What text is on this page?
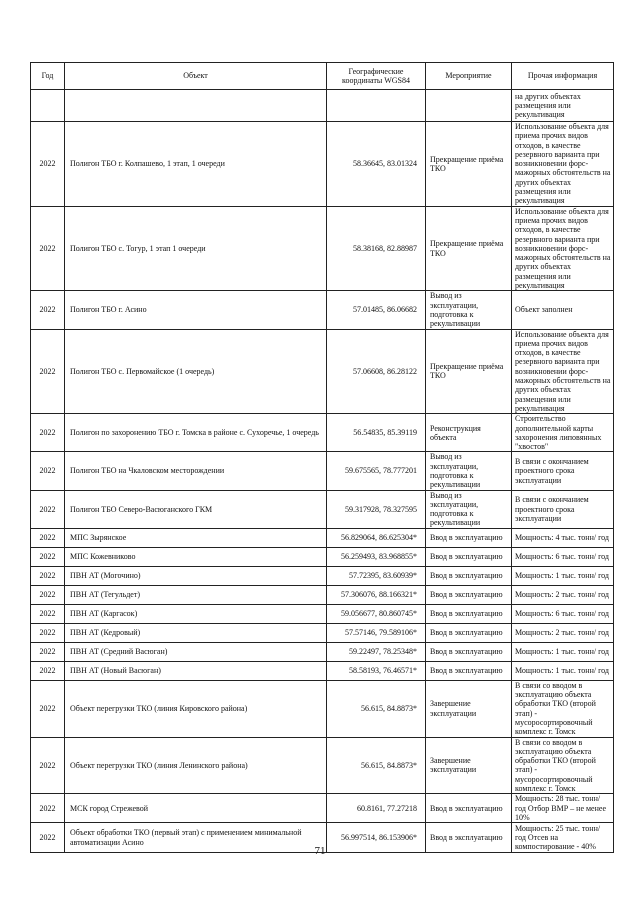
Год	Объект	Географические координаты WGS84	Мероприятие	Прочая информация
				на других объектах размещения или рекультивация
2022	Полигон ТБО г. Колпашево, 1 этап, 1 очереди	58.36645, 83.01324	Прекращение приёма ТКО	Использование объекта для приема прочих видов отходов, в качестве резервного варианта при возникновении форс-мажорных обстоятельств на других объектах размещения или рекультивация
2022	Полигон ТБО с. Тогур, 1 этап 1 очереди	58.38168, 82.88987	Прекращение приёма ТКО	Использование объекта для приема прочих видов отходов, в качестве резервного варианта при возникновении форс-мажорных обстоятельств на других объектах размещения или рекультивация
2022	Полигон ТБО г. Асино	57.01485, 86.06682	Вывод из эксплуатации, подготовка к рекультивации	Объект заполнен
2022	Полигон ТБО с. Первомайское (1 очередь)	57.06608, 86.28122	Прекращение приёма ТКО	Использование объекта для приема прочих видов отходов, в качестве резервного варианта при возникновении форс-мажорных обстоятельств на других объектах размещения или рекультивация
2022	Полигон по захоронению ТБО г. Томска в районе с. Сухоречье, 1 очередь	56.54835, 85.39119	Реконструкция объекта	Строительство дополнительной карты захоронения липовянных "хвостов"
2022	Полигон ТБО на Чкаловском месторождении	59.675565, 78.777201	Вывод из эксплуатации, подготовка к рекультивации	В связи с окончанием проектного срока эксплуатации
2022	Полигон ТБО Северо-Васюганского ГКМ	59.317928, 78.327595	Вывод из эксплуатации, подготовка к рекультивации	В связи с окончанием проектного срока эксплуатации
2022	МПС Зырянское	56.829064, 86.625304*	Ввод в эксплуатацию	Мощность: 4 тыс. тонн/ год
2022	МПС Кожевниково	56.259493, 83.968855*	Ввод в эксплуатацию	Мощность: 6 тыс. тонн/ год
2022	ПВН АТ (Могочино)	57.72395, 83.60939*	Ввод в эксплуатацию	Мощность: 1 тыс. тонн/ год
2022	ПВН АТ (Тегульдет)	57.306076, 88.166321*	Ввод в эксплуатацию	Мощность: 2 тыс. тонн/ год
2022	ПВН АТ (Каргасок)	59.056677, 80.860745*	Ввод в эксплуатацию	Мощность: 6 тыс. тонн/ год
2022	ПВН АТ (Кедровый)	57.57146, 79.589106*	Ввод в эксплуатацию	Мощность: 2 тыс. тонн/ год
2022	ПВН АТ (Средний Васюган)	59.22497, 78.25348*	Ввод в эксплуатацию	Мощность: 1 тыс. тонн/ год
2022	ПВН АТ (Новый Васюган)	58.58193, 76.46571*	Ввод в эксплуатацию	Мощность: 1 тыс. тонн/ год
2022	Объект перегрузки ТКО (линия Кировского района)	56.615, 84.8873*	Завершение эксплуатации	В связи со вводом в эксплуатацию объекта обработки ТКО (второй этап) - мусоросортировочный комплекс г. Томск
2022	Объект перегрузки ТКО (линия Ленинского района)	56.615, 84.8873*	Завершение эксплуатации	В связи со вводом в эксплуатацию объекта обработки ТКО (второй этап) - мусоросортировочный комплекс г. Томск
2022	МСК город Стрежевой	60.8161, 77.27218	Ввод в эксплуатацию	Мощность: 28 тыс. тонн/ год Отбор ВМР – не менее 10%
2022	Объект обработки ТКО (первый этап) с применением минимальной автоматизации Асино	56.997514, 86.153906*	Ввод в эксплуатацию	Мощность: 25 тыс. тонн/ год Отсев на компостирование - 40%
71
